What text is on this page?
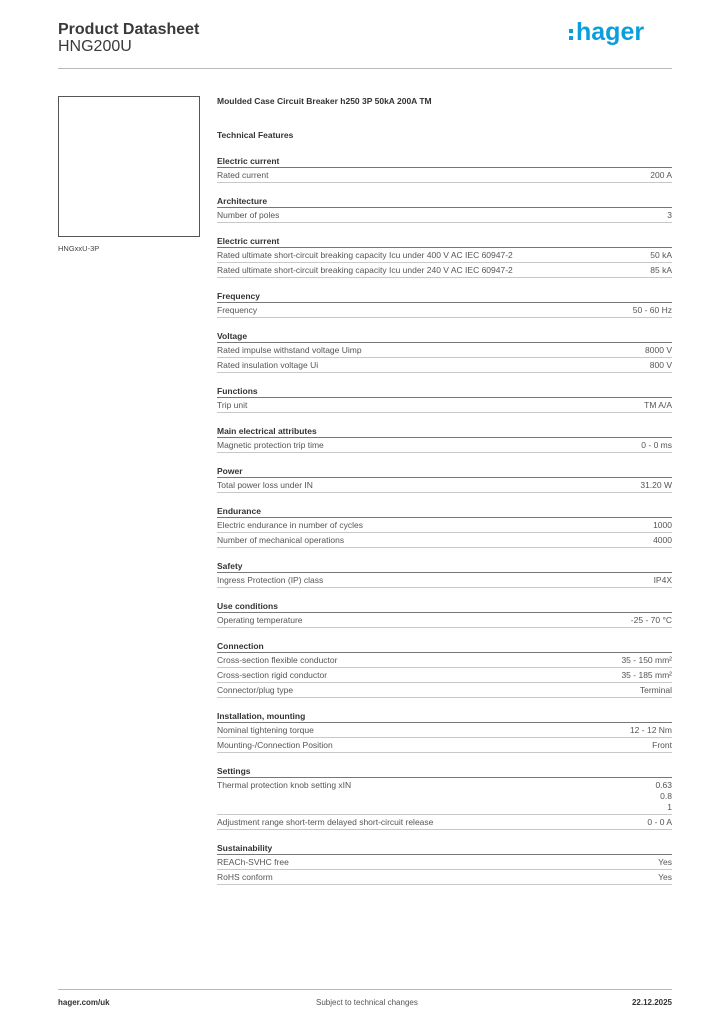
Product Datasheet
HNG200U
hager
HNGxxU-3P
Moulded Case Circuit Breaker h250 3P 50kA 200A TM
Technical Features
Electric current
Rated current	200 A
Architecture
Number of poles	3
Electric current
Rated ultimate short-circuit breaking capacity Icu under 400 V AC IEC 60947-2	50 kA
Rated ultimate short-circuit breaking capacity Icu under 240 V AC IEC 60947-2	85 kA
Frequency
Frequency	50 - 60 Hz
Voltage
Rated impulse withstand voltage Uimp	8000 V
Rated insulation voltage Ui	800 V
Functions
Trip unit	TM A/A
Main electrical attributes
Magnetic protection trip time	0 - 0 ms
Power
Total power loss under IN	31.20 W
Endurance
Electric endurance in number of cycles	1000
Number of mechanical operations	4000
Safety
Ingress Protection (IP) class	IP4X
Use conditions
Operating temperature	-25 - 70 °C
Connection
Cross-section flexible conductor	35 - 150 mm²
Cross-section rigid conductor	35 - 185 mm²
Connector/plug type	Terminal
Installation, mounting
Nominal tightening torque	12 - 12 Nm
Mounting-/Connection Position	Front
Settings
Thermal protection knob setting xIN	0.63
0.8
1
Adjustment range short-term delayed short-circuit release	0 - 0 A
Sustainability
REACh-SVHC free	Yes
RoHS conform	Yes
hager.com/uk	Subject to technical changes	22.12.2025
